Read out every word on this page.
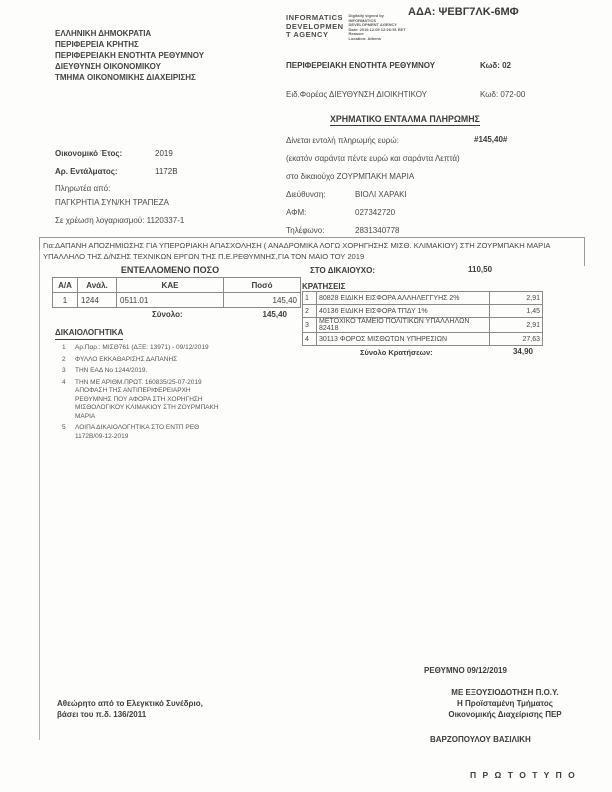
ΑΔΑ: ΨΕΒΓ7ΛΚ-6ΜΦ
INFORMATICS
DEVELOPMEN
T AGENCY
Digitally signed by
INFORMATICS
DEVELOPMENT AGENCY
Date: 2019.12.09 12:26:51 EET
Reason:
Location: Athens
ΕΛΛΗΝΙΚΗ ΔΗΜΟΚΡΑΤΙΑ
ΠΕΡΙΦΕΡΕΙΑ ΚΡΗΤΗΣ
ΠΕΡΙΦΕΡΕΙΑΚΗ ΕΝΟΤΗΤΑ ΡΕΘΥΜΝΟΥ
ΔΙΕΥΘΥΝΣΗ ΟΙΚΟΝΟΜΙΚΟΥ
ΤΜΗΜΑ ΟΙΚΟΝΟΜΙΚΗΣ ΔΙΑΧΕΙΡΙΣΗΣ
ΠΕΡΙΦΕΡΕΙΑΚΗ ΕΝΟΤΗΤΑ ΡΕΘΥΜΝΟΥ	Κωδ: 02
Ειδ.Φορέας ΔΙΕΥΘΥΝΣΗ ΔΙΟΙΚΗΤΙΚΟΥ	Κωδ: 072-00
ΧΡΗΜΑΤΙΚΟ ΕΝΤΑΛΜΑ ΠΛΗΡΩΜΗΣ
Οικονομικό Έτος:	2019
Αρ. Εντάλματος:	1172Β
Πληρωτέα από:
ΠΑΓΚΡΗΤΙΑ ΣΥΝ/ΚΗ ΤΡΑΠΕΖΑ
Σε χρέωση λογαριασμού: 1120337-1
Δίνεται εντολή πληρωμής ευρώ:	#145,40#
(εκατόν σαράντα πέντε ευρώ και σαράντα Λεπτά)
στο δικαιούχο ΖΟΥΡΜΠΑΚΗ ΜΑΡΙΑ
Διεύθυνση:	ΒΙΟΛΙ ΧΑΡΑΚΙ
ΑΦΜ:	027342720
Τηλέφωνο:	2831340778
Για:ΔΑΠΑΝΗ ΑΠΟΖΗΜΙΩΣΗΣ ΓΙΑ ΥΠΕΡΩΡΙΑΚΗ ΑΠΑΣΧΟΛΗΣΗ ( ΑΝΑΔΡΟΜΙΚΑ ΛΟΓΩ ΧΟΡΗΓΗΣΗΣ ΜΙΣΘ. ΚΛΙΜΑΚΙΟΥ) ΣΤΗ ΖΟΥΡΜΠΑΚΗ ΜΑΡΙΑ ΥΠΑΛΛΗΛΟ ΤΗΣ Δ/ΝΣΗΣ ΤΕΧΝΙΚΩΝ ΕΡΓΩΝ ΤΗΣ Π.Ε.ΡΕΘΥΜΝΗΣ,ΓΙΑ ΤΟΝ ΜΑΙΟ ΤΟΥ 2019
ΕΝΤΕΛΛΟΜΕΝΟ ΠΟΣΟ
Α/Α	Ανάλ.	ΚΑΕ	Ποσό
1	1244	0511.01	145,40
Σύνολο:	145,40
ΣΤΟ ΔΙΚΑΙΟΥΧΟ:	110,50
ΚΡΑΤΗΣΕΙΣ
1	80828 ΕΙΔΙΚΗ ΕΙΣΦΟΡΑ ΑΛΛΗΛΕΓΓΥΗΣ 2%	2,91
2	40136 ΕΙΔΙΚΗ ΕΙΣΦΟΡΑ ΤΠΔΥ 1%	1,45
3	ΜΕΤΟΧΙΚΟ ΤΑΜΕΙΟ ΠΟΛΙΤΙΚΩΝ ΥΠΑΛΛΗΛΩΝ 82418	2,91
4	30113 ΦΟΡΟΣ ΜΙΣΘΩΤΩΝ ΥΠΗΡΕΣΙΩΝ	27,63
Σύνολο Κρατήσεων:	34,90
ΔΙΚΑΙΟΛΟΓΗΤΙΚΑ
1	Αρ.Παρ.: ΜΙΣΘ761 (ΔΞΕ: 13971) - 09/12/2019
2	ΦΥΛΛΟ ΕΚΚΑΘΑΡΙΣΗΣ ΔΑΠΑΝΗΣ
3	ΤΗΝ ΕΑΔ Νο 1244/2019.
4	ΤΗΝ ΜΕ ΑΡΙΘΜ.ΠΡΩΤ. 160835/25-07-2019 ΑΠΟΦΑΣΗ ΤΗΣ ΑΝΤΙΠΕΡΙΦΕΡΕΙΑΡΧΗ ΡΕΘΥΜΝΗΣ ΠΟΥ ΑΦΟΡΑ ΣΤΗ ΧΟΡΗΓΗΣΗ ΜΙΣΘΟΛΟΓΙΚΟΥ ΚΛΙΜΑΚΙΟΥ ΣΤΗ ΖΟΥΡΜΠΑΚΗ ΜΑΡΙΑ
5	ΛΟΙΠΑ ΔΙΚΑΙΟΛΟΓΗΤΙΚΑ ΣΤΟ ΕΝΤΠ ΡΕΘ 1172Β/09-12-2019
ΡΕΘΥΜΝΟ 09/12/2019
ΜΕ ΕΞΟΥΣΙΟΔΟΤΗΣΗ Π.Ο.Υ.
Η Προϊσταμένη Τμήματος
Οικονομικής Διαχείρισης ΠΕΡ
Αθεώρητο από το Ελεγκτικό Συνέδριο,
βάσει του π.δ. 136/2011
ΒΑΡΖΟΠΟΥΛΟΥ ΒΑΣΙΛΙΚΗ
Π Ρ Ω Τ Ο Τ Υ Π Ο
